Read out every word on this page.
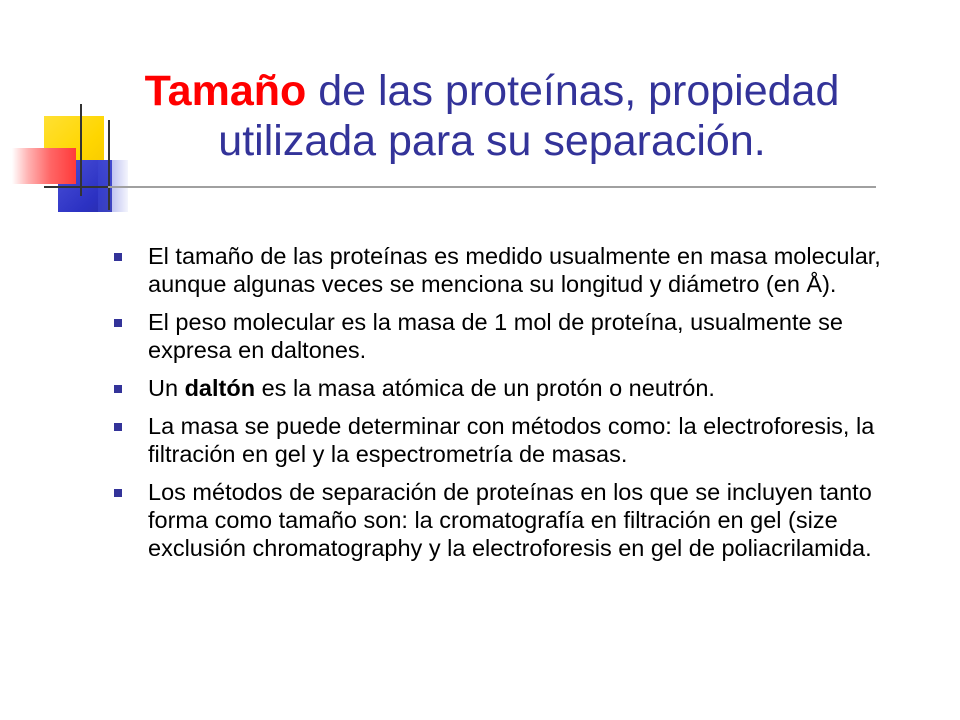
Tamaño de las proteínas, propiedad utilizada para su separación.
El tamaño de las proteínas es medido usualmente en masa molecular, aunque algunas veces se menciona su longitud y diámetro (en Å).
El peso molecular es la masa de 1 mol de proteína, usualmente se expresa en daltones.
Un daltón es la masa atómica de un protón o neutrón.
La masa se puede determinar con métodos como: la electroforesis, la filtración en gel y la espectrometría de masas.
Los métodos de separación de proteínas en los que se incluyen tanto forma como tamaño son: la cromatografía en filtración en gel (size exclusión chromatography y la electroforesis en gel de poliacrilamida.
